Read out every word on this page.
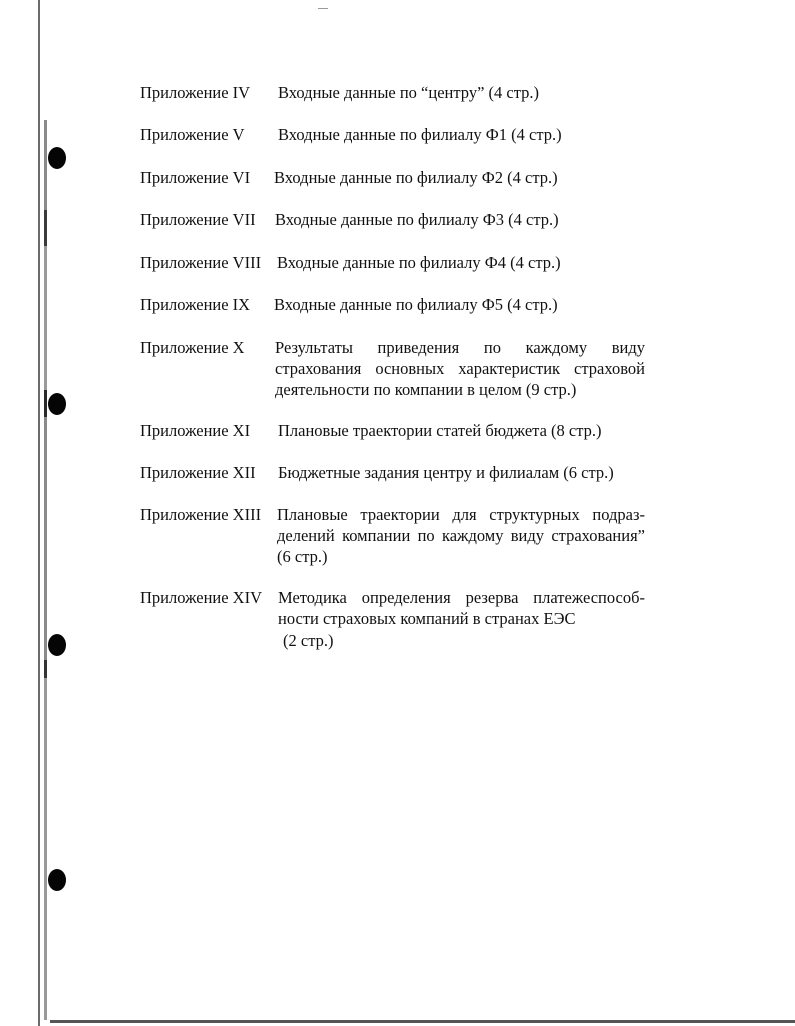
Приложение IV Входные данные по “центру” (4 стр.)
Приложение V Входные данные по филиалу Ф1 (4 стр.)
Приложение VI Входные данные по филиалу Ф2 (4 стр.)
Приложение VII Входные данные по филиалу Ф3 (4 стр.)
Приложение VIII Входные данные по филиалу Ф4 (4 стр.)
Приложение IX Входные данные по филиалу Ф5 (4 стр.)
Приложение X Результаты приведения по каждому виду страхования основных характеристик страховой деятельности по компании в целом (9 стр.)
Приложение XI Плановые траектории статей бюджета (8 стр.)
Приложение XII Бюджетные задания центру и филиалам (6 стр.)
Приложение XIII Плановые траектории для структурных подраз-делений компании по каждому виду страхования” (6 стр.)
Приложение XIV Методика определения резерва платежеспособ-ности страховых компаний в странах ЕЭС
(2 стр.)
